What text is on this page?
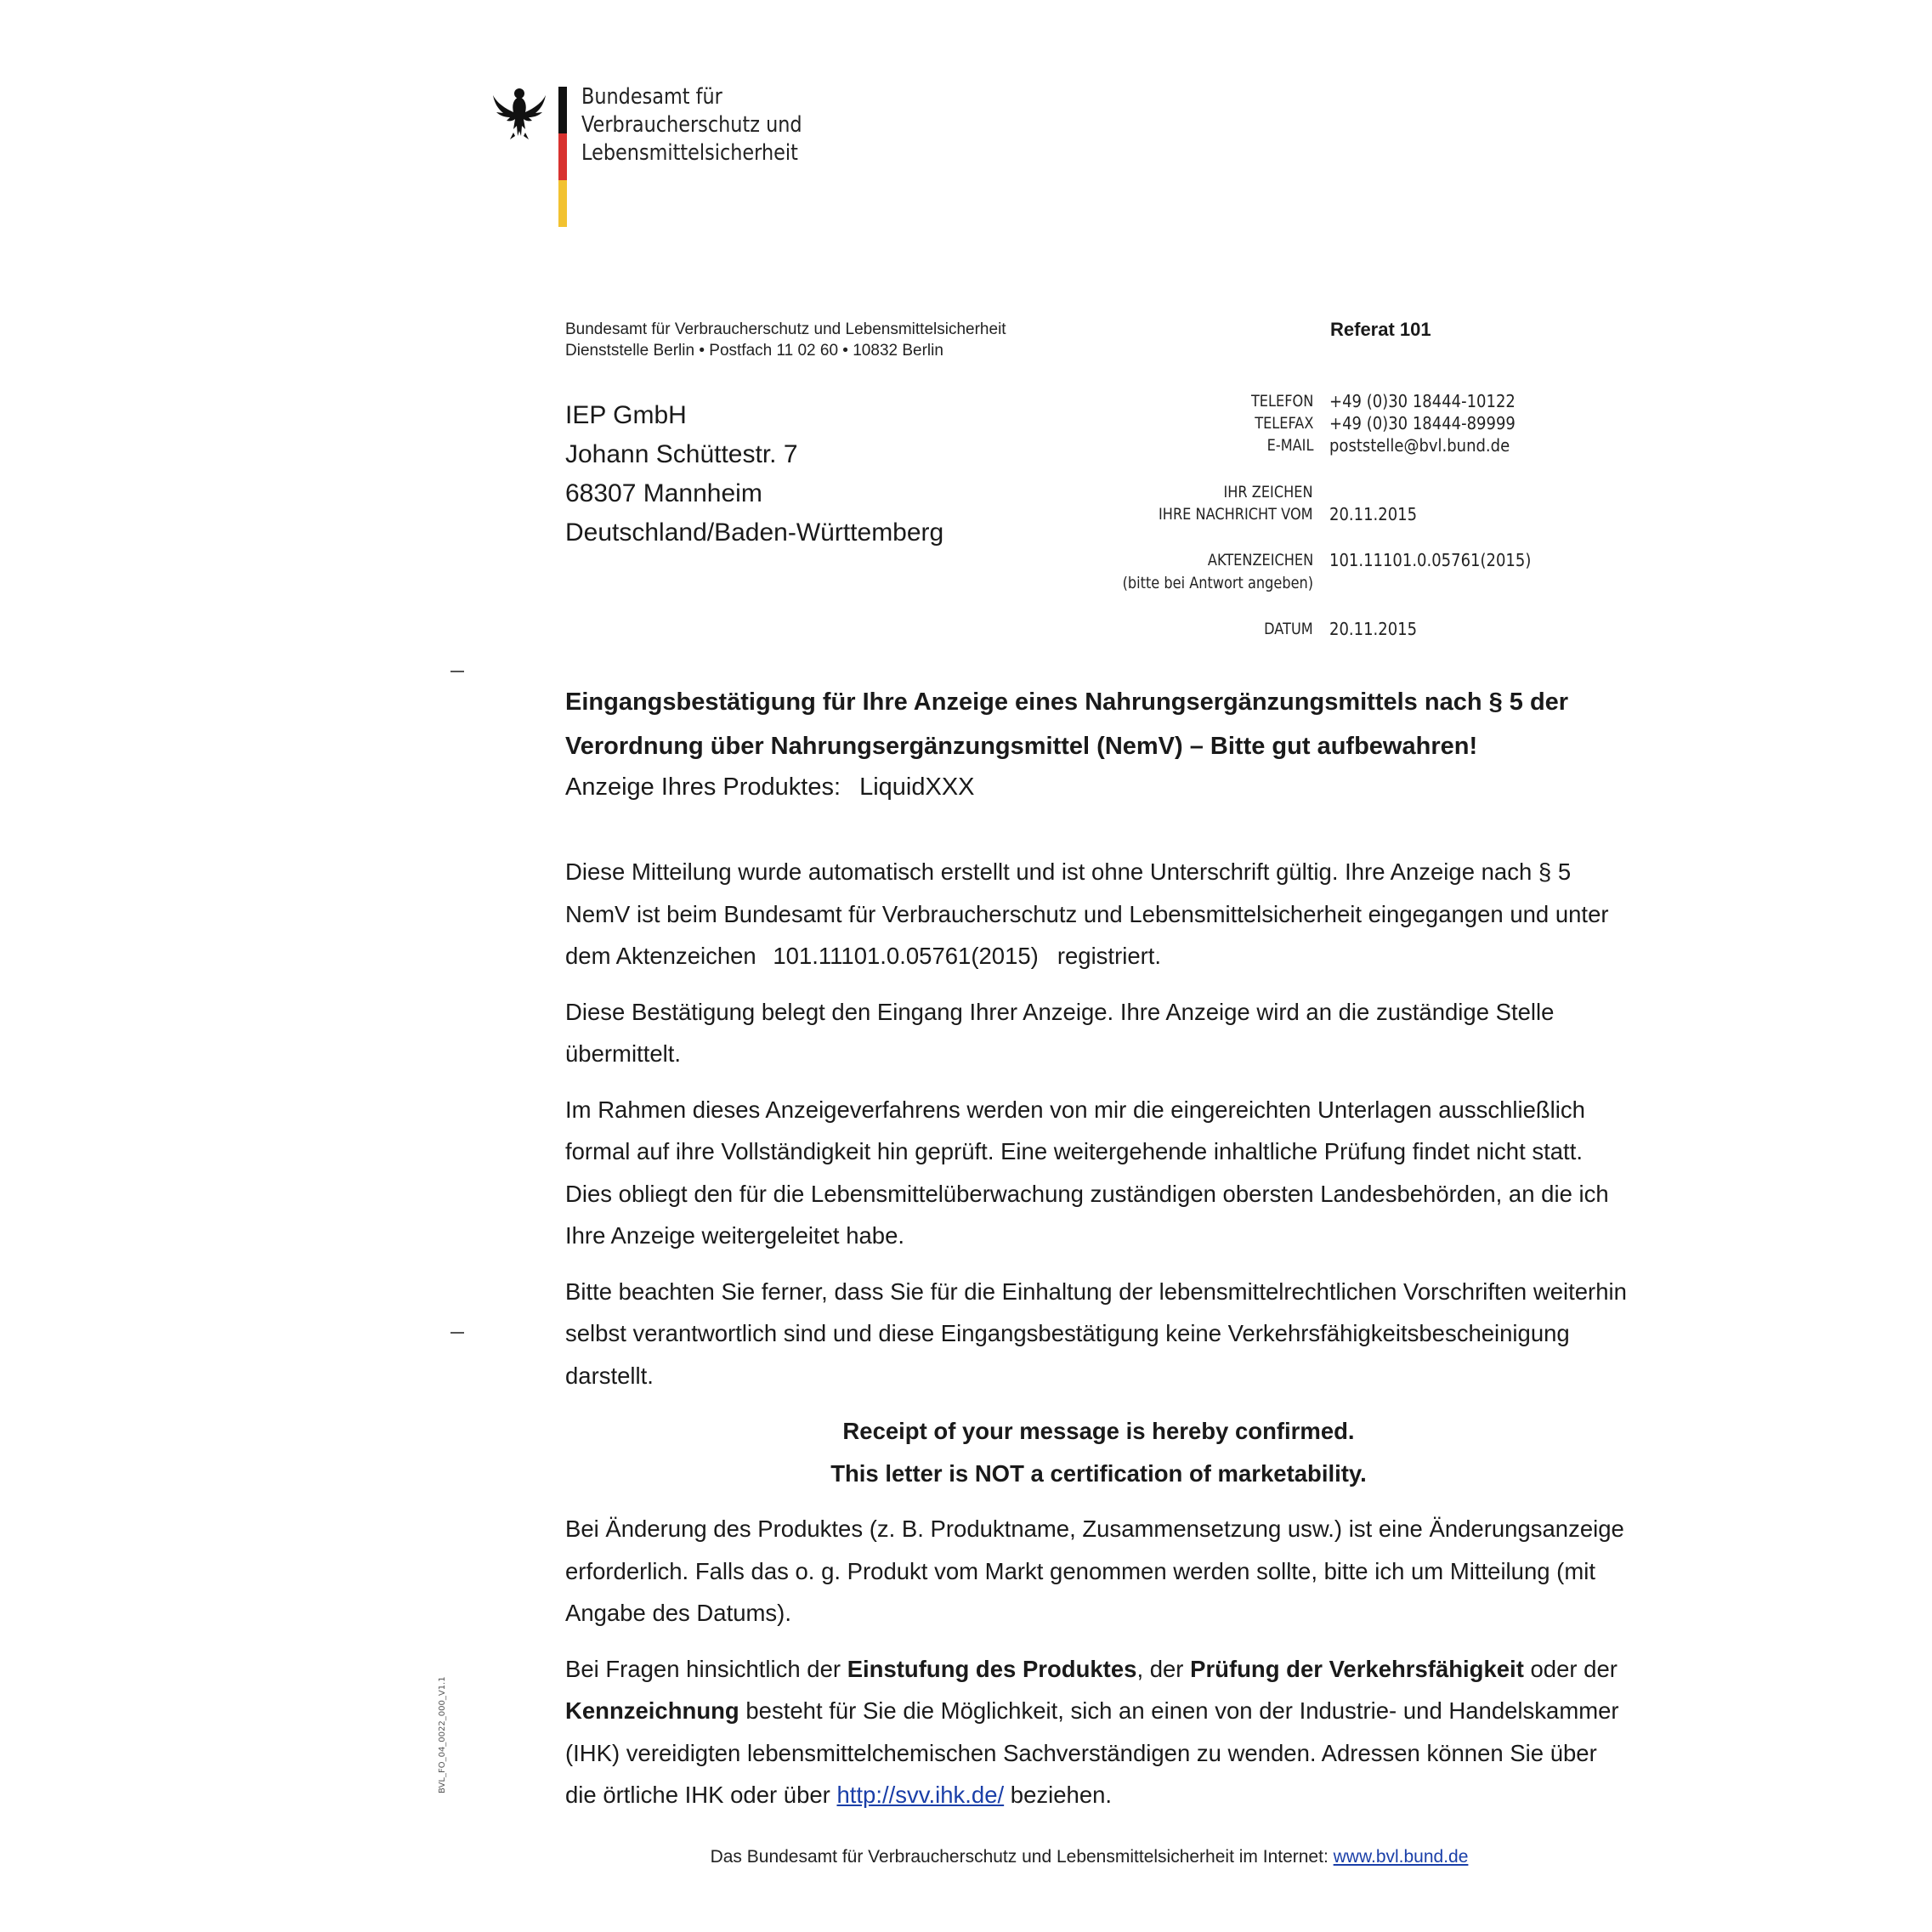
Bundesamt für
Verbraucherschutz und
Lebensmittelsicherheit
Bundesamt für Verbraucherschutz und Lebensmittelsicherheit
Dienststelle Berlin • Postfach 11 02 60 • 10832 Berlin
Referat 101
IEP GmbH
Johann Schüttestr. 7
68307 Mannheim
Deutschland/Baden-Württemberg
TELEFON +49 (0)30 18444-10122
TELEFAX +49 (0)30 18444-89999
E-MAIL poststelle@bvl.bund.de
IHR ZEICHEN
IHRE NACHRICHT VOM 20.11.2015
AKTENZEICHEN 101.11101.0.05761(2015)
(bitte bei Antwort angeben)
DATUM 20.11.2015
Eingangsbestätigung für Ihre Anzeige eines Nahrungsergänzungsmittels nach § 5 der Verordnung über Nahrungsergänzungsmittel (NemV) – Bitte gut aufbewahren!
Anzeige Ihres Produktes: LiquidXXX

Diese Mitteilung wurde automatisch erstellt und ist ohne Unterschrift gültig. Ihre Anzeige nach § 5 NemV ist beim Bundesamt für Verbraucherschutz und Lebensmittelsicherheit eingegangen und unter dem Aktenzeichen 101.11101.0.05761(2015) registriert.

Diese Bestätigung belegt den Eingang Ihrer Anzeige. Ihre Anzeige wird an die zuständige Stelle übermittelt.

Im Rahmen dieses Anzeigeverfahrens werden von mir die eingereichten Unterlagen ausschließlich formal auf ihre Vollständigkeit hin geprüft. Eine weitergehende inhaltliche Prüfung findet nicht statt. Dies obliegt den für die Lebensmittelüberwachung zuständigen obersten Landesbehörden, an die ich Ihre Anzeige weitergeleitet habe.

Bitte beachten Sie ferner, dass Sie für die Einhaltung der lebensmittelrechtlichen Vorschriften weiterhin selbst verantwortlich sind und diese Eingangsbestätigung keine Verkehrsfähigkeitsbescheinigung darstellt.

Receipt of your message is hereby confirmed.
This letter is NOT a certification of marketability.

Bei Änderung des Produktes (z. B. Produktname, Zusammensetzung usw.) ist eine Änderungsanzeige erforderlich. Falls das o. g. Produkt vom Markt genommen werden sollte, bitte ich um Mitteilung (mit Angabe des Datums).

Bei Fragen hinsichtlich der Einstufung des Produktes, der Prüfung der Verkehrsfähigkeit oder der Kennzeichnung besteht für Sie die Möglichkeit, sich an einen von der Industrie- und Handelskammer (IHK) vereidigten lebensmittelchemischen Sachverständigen zu wenden. Adressen können Sie über die örtliche IHK oder über http://svv.ihk.de/ beziehen.

Das Bundesamt für Verbraucherschutz und Lebensmittelsicherheit im Internet: www.bvl.bund.de
BVL_FO_04_0022_000_V1.1
